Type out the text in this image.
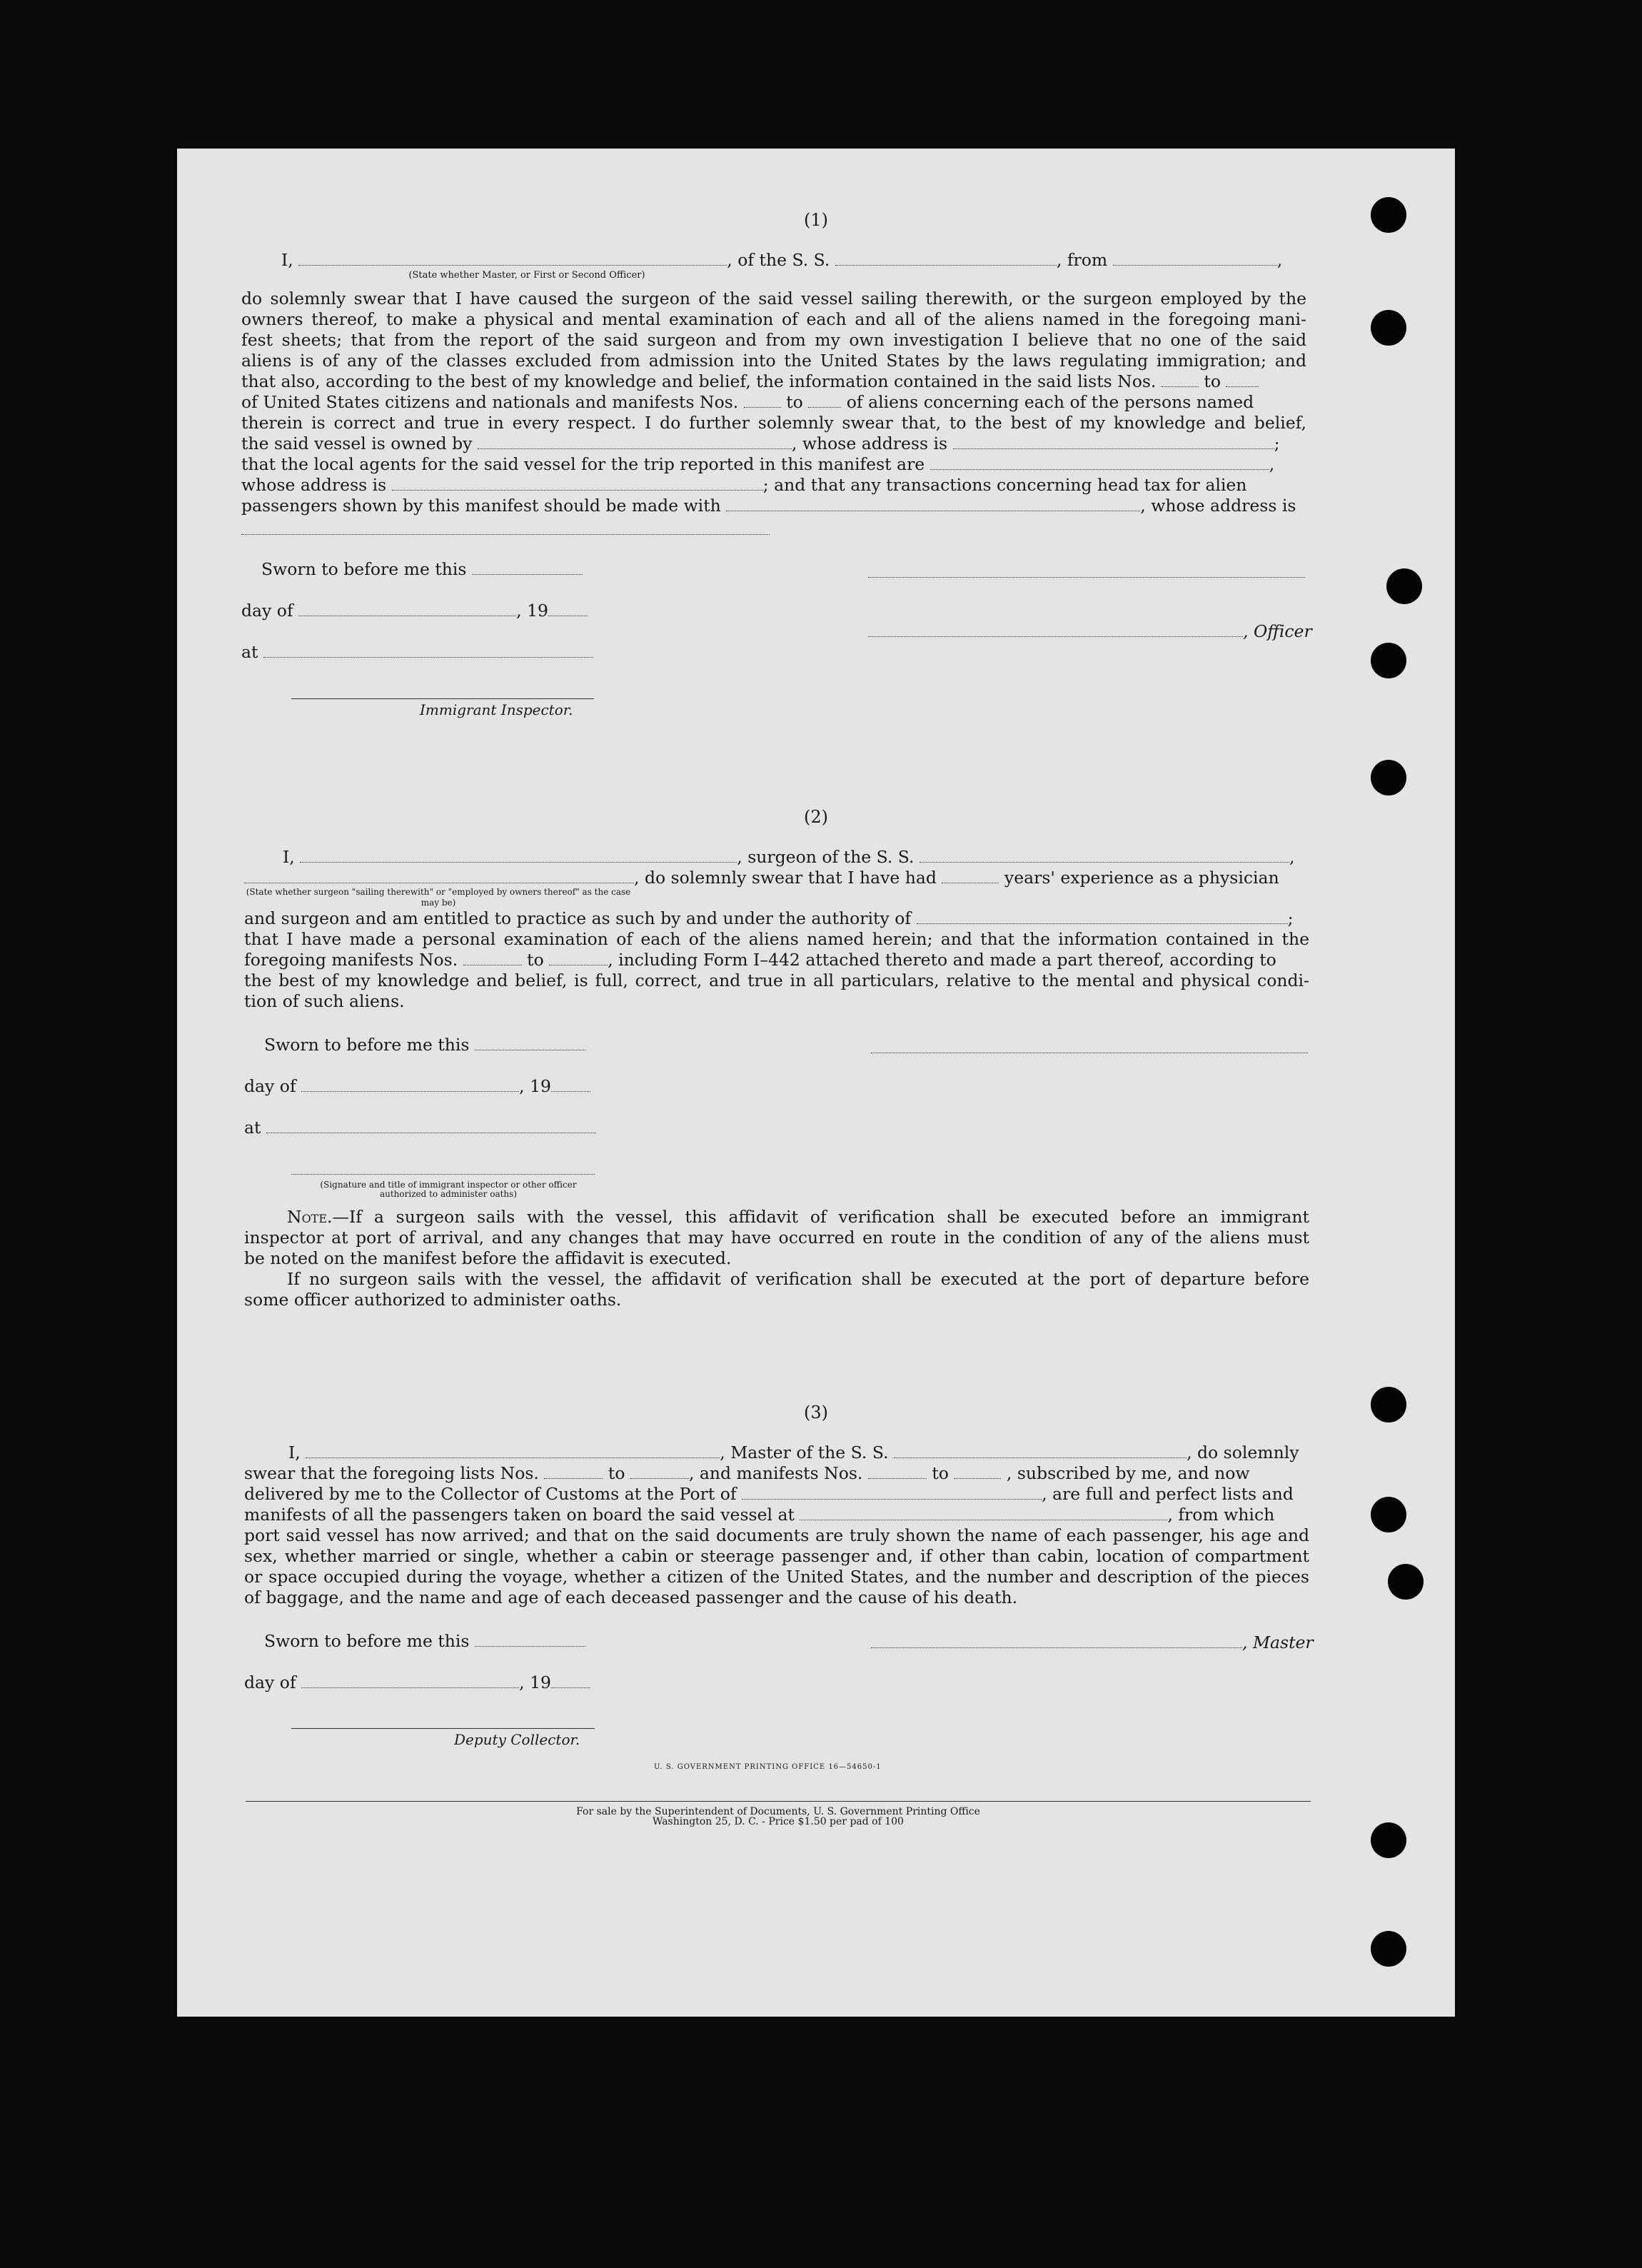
(1)
I,	, of the S. S.	, from	,
(State whether Master, or First or Second Officer)

do solemnly swear that I have caused the surgeon of the said vessel sailing therewith, or the surgeon employed by the

owners thereof, to make a physical and mental examination of each and all of the aliens named in the foregoing mani-

fest sheets; that from the report of the said surgeon and from my own investigation I believe that no one of the said

aliens is of any of the classes excluded from admission into the United States by the laws regulating immigration; and

that also, according to the best of my knowledge and belief, the information contained in the said lists Nos.	to
of United States citizens and nationals and manifests Nos.	to	of aliens concerning each of the persons named

therein is correct and true in every respect. I do further solemnly swear that, to the best of my knowledge and belief,

the said vessel is owned by	, whose address is	;
that the local agents for the said vessel for the trip reported in this manifest are	,
whose address is	; and that any transactions concerning head tax for alien
passengers shown by this manifest should be made with	, whose address is
Sworn to before me this
day of	, 19
, Officer
at
Immigrant Inspector.
(2)
I,	, surgeon of the S. S.	,
, do solemnly swear that I have had	years' experience as a physician
(State whether surgeon "sailing therewith" or "employed by owners thereof" as the case may be)
and surgeon and am entitled to practice as such by and under the authority of	;

that I have made a personal examination of each of the aliens named herein; and that the information contained in the

foregoing manifests Nos.	to	, including Form I–442 attached thereto and made a part thereof, according to

the best of my knowledge and belief, is full, correct, and true in all particulars, relative to the mental and physical condi-

tion of such aliens.

Sworn to before me this
day of	, 19
at
(Signature and title of immigrant inspector or other officer authorized to administer oaths)

Note.—If a surgeon sails with the vessel, this affidavit of verification shall be executed before an immigrant

inspector at port of arrival, and any changes that may have occurred en route in the condition of any of the aliens must

be noted on the manifest before the affidavit is executed.

If no surgeon sails with the vessel, the affidavit of verification shall be executed at the port of departure before

some officer authorized to administer oaths.

(3)
I,	, Master of the S. S.	, do solemnly
swear that the foregoing lists Nos.	to	, and manifests Nos.	to	, subscribed by me, and now
delivered by me to the Collector of Customs at the Port of	, are full and perfect lists and
manifests of all the passengers taken on board the said vessel at	, from which

port said vessel has now arrived; and that on the said documents are truly shown the name of each passenger, his age and

sex, whether married or single, whether a cabin or steerage passenger and, if other than cabin, location of compartment

or space occupied during the voyage, whether a citizen of the United States, and the number and description of the pieces

of baggage, and the name and age of each deceased passenger and the cause of his death.

Sworn to before me this	, Master
day of	, 19
Deputy Collector.
U. S. GOVERNMENT PRINTING OFFICE 16—54650-1
For sale by the Superintendent of Documents, U. S. Government Printing Office
Washington 25, D. C. - Price $1.50 per pad of 100
